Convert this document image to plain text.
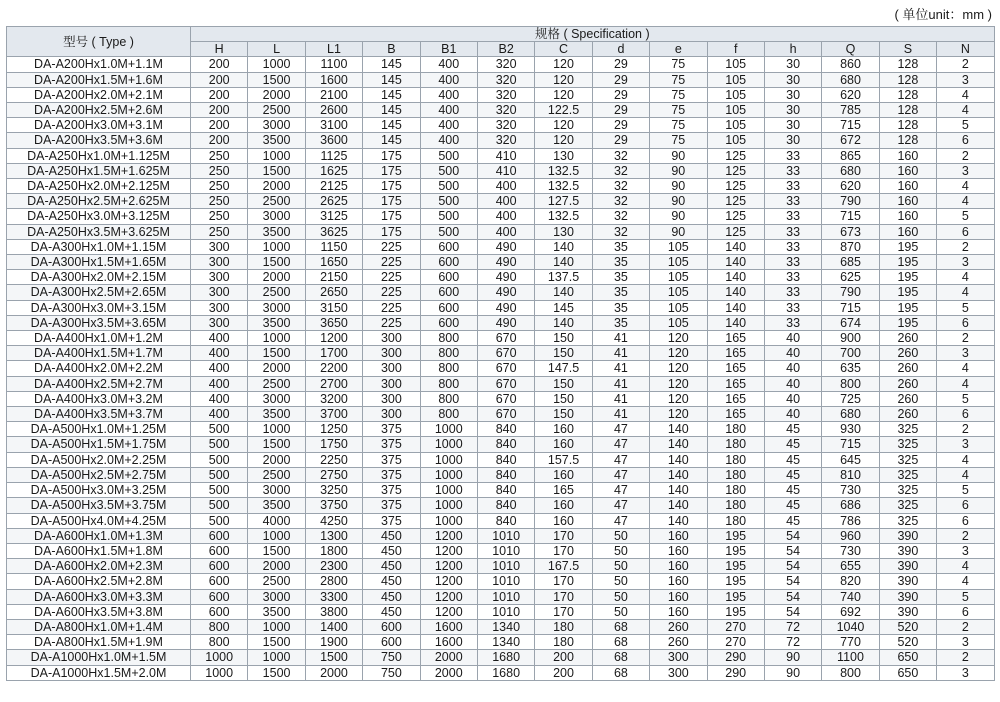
( 单位unit：mm )
型号 ( Type )	规格 ( Specification )													
	H	L	L1	B	B1	B2	C	d	e	f	h	Q	S	N
DA-A200Hx1.0M+1.1M	200	1000	1100	145	400	320	120	29	75	105	30	860	128	2
DA-A200Hx1.5M+1.6M	200	1500	1600	145	400	320	120	29	75	105	30	680	128	3
DA-A200Hx2.0M+2.1M	200	2000	2100	145	400	320	120	29	75	105	30	620	128	4
DA-A200Hx2.5M+2.6M	200	2500	2600	145	400	320	122.5	29	75	105	30	785	128	4
DA-A200Hx3.0M+3.1M	200	3000	3100	145	400	320	120	29	75	105	30	715	128	5
DA-A200Hx3.5M+3.6M	200	3500	3600	145	400	320	120	29	75	105	30	672	128	6
DA-A250Hx1.0M+1.125M	250	1000	1125	175	500	410	130	32	90	125	33	865	160	2
DA-A250Hx1.5M+1.625M	250	1500	1625	175	500	410	132.5	32	90	125	33	680	160	3
DA-A250Hx2.0M+2.125M	250	2000	2125	175	500	400	132.5	32	90	125	33	620	160	4
DA-A250Hx2.5M+2.625M	250	2500	2625	175	500	400	127.5	32	90	125	33	790	160	4
DA-A250Hx3.0M+3.125M	250	3000	3125	175	500	400	132.5	32	90	125	33	715	160	5
DA-A250Hx3.5M+3.625M	250	3500	3625	175	500	400	130	32	90	125	33	673	160	6
DA-A300Hx1.0M+1.15M	300	1000	1150	225	600	490	140	35	105	140	33	870	195	2
DA-A300Hx1.5M+1.65M	300	1500	1650	225	600	490	140	35	105	140	33	685	195	3
DA-A300Hx2.0M+2.15M	300	2000	2150	225	600	490	137.5	35	105	140	33	625	195	4
DA-A300Hx2.5M+2.65M	300	2500	2650	225	600	490	140	35	105	140	33	790	195	4
DA-A300Hx3.0M+3.15M	300	3000	3150	225	600	490	145	35	105	140	33	715	195	5
DA-A300Hx3.5M+3.65M	300	3500	3650	225	600	490	140	35	105	140	33	674	195	6
DA-A400Hx1.0M+1.2M	400	1000	1200	300	800	670	150	41	120	165	40	900	260	2
DA-A400Hx1.5M+1.7M	400	1500	1700	300	800	670	150	41	120	165	40	700	260	3
DA-A400Hx2.0M+2.2M	400	2000	2200	300	800	670	147.5	41	120	165	40	635	260	4
DA-A400Hx2.5M+2.7M	400	2500	2700	300	800	670	150	41	120	165	40	800	260	4
DA-A400Hx3.0M+3.2M	400	3000	3200	300	800	670	150	41	120	165	40	725	260	5
DA-A400Hx3.5M+3.7M	400	3500	3700	300	800	670	150	41	120	165	40	680	260	6
DA-A500Hx1.0M+1.25M	500	1000	1250	375	1000	840	160	47	140	180	45	930	325	2
DA-A500Hx1.5M+1.75M	500	1500	1750	375	1000	840	160	47	140	180	45	715	325	3
DA-A500Hx2.0M+2.25M	500	2000	2250	375	1000	840	157.5	47	140	180	45	645	325	4
DA-A500Hx2.5M+2.75M	500	2500	2750	375	1000	840	160	47	140	180	45	810	325	4
DA-A500Hx3.0M+3.25M	500	3000	3250	375	1000	840	165	47	140	180	45	730	325	5
DA-A500Hx3.5M+3.75M	500	3500	3750	375	1000	840	160	47	140	180	45	686	325	6
DA-A500Hx4.0M+4.25M	500	4000	4250	375	1000	840	160	47	140	180	45	786	325	6
DA-A600Hx1.0M+1.3M	600	1000	1300	450	1200	1010	170	50	160	195	54	960	390	2
DA-A600Hx1.5M+1.8M	600	1500	1800	450	1200	1010	170	50	160	195	54	730	390	3
DA-A600Hx2.0M+2.3M	600	2000	2300	450	1200	1010	167.5	50	160	195	54	655	390	4
DA-A600Hx2.5M+2.8M	600	2500	2800	450	1200	1010	170	50	160	195	54	820	390	4
DA-A600Hx3.0M+3.3M	600	3000	3300	450	1200	1010	170	50	160	195	54	740	390	5
DA-A600Hx3.5M+3.8M	600	3500	3800	450	1200	1010	170	50	160	195	54	692	390	6
DA-A800Hx1.0M+1.4M	800	1000	1400	600	1600	1340	180	68	260	270	72	1040	520	2
DA-A800Hx1.5M+1.9M	800	1500	1900	600	1600	1340	180	68	260	270	72	770	520	3
DA-A1000Hx1.0M+1.5M	1000	1000	1500	750	2000	1680	200	68	300	290	90	1100	650	2
DA-A1000Hx1.5M+2.0M	1000	1500	2000	750	2000	1680	200	68	300	290	90	800	650	3
